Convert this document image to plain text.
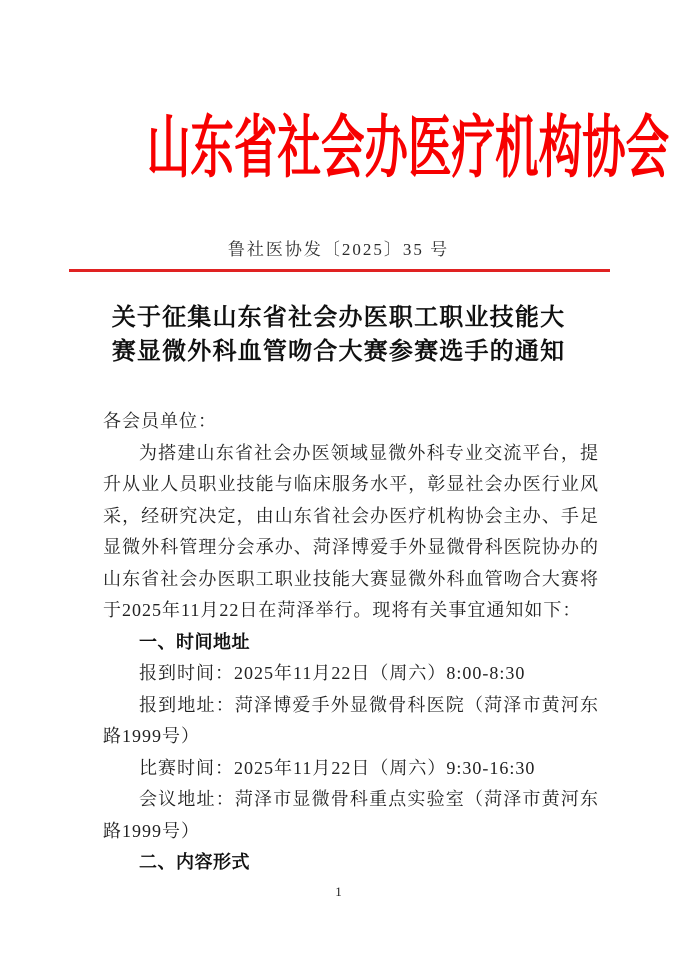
山东省社会办医疗机构协会
鲁社医协发〔2025〕35 号
关于征集山东省社会办医职工职业技能大赛显微外科血管吻合大赛参赛选手的通知

各会员单位：

为搭建山东省社会办医领域显微外科专业交流平台，提升从业人员职业技能与临床服务水平，彰显社会办医行业风采，经研究决定，由山东省社会办医疗机构协会主办、手足显微外科管理分会承办、菏泽博爱手外显微骨科医院协办的山东省社会办医职工职业技能大赛显微外科血管吻合大赛将于2025年11月22日在菏泽举行。现将有关事宜通知如下：

一、时间地址

报到时间：2025年11月22日（周六）8:00-8:30

报到地址：菏泽博爱手外显微骨科医院（菏泽市黄河东路1999号）

比赛时间：2025年11月22日（周六）9:30-16:30

会议地址：菏泽市显微骨科重点实验室（菏泽市黄河东路1999号）

二、内容形式

1
